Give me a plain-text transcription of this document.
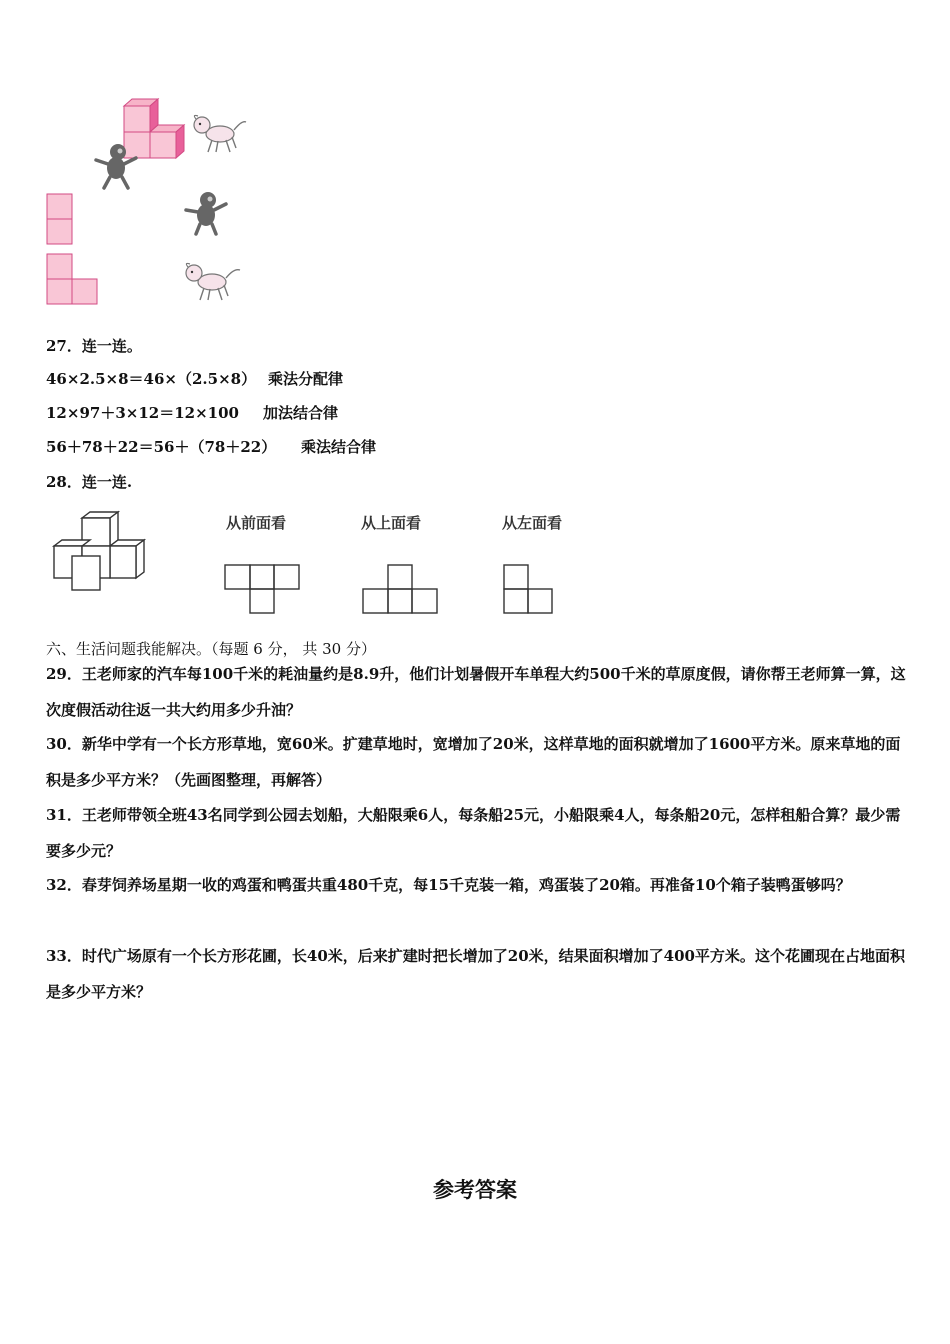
27．连一连。
46×2.5×8＝46×（2.5×8） 乘法分配律
12×97＋3×12＝12×100 加法结合律
56＋78＋22＝56＋（78＋22） 乘法结合律
28．连一连.
从前面看	从上面看	从左面看
六、生活问题我能解决。（每题 6 分， 共 30 分）
29．王老师家的汽车每100千米的耗油量约是8.9升，他们计划暑假开车单程大约500千米的草原度假，请你帮王老师算一算，这次度假活动往返一共大约用多少升油？
30．新华中学有一个长方形草地，宽60米。扩建草地时，宽增加了20米，这样草地的面积就增加了1600平方米。原来草地的面积是多少平方米？（先画图整理，再解答）
31．王老师带领全班43名同学到公园去划船，大船限乘6人，每条船25元，小船限乘4人，每条船20元，怎样租船合算？最少需要多少元？
32．春芽饲养场星期一收的鸡蛋和鸭蛋共重480千克，每15千克装一箱，鸡蛋装了20箱。再准备10个箱子装鸭蛋够吗？
33．时代广场原有一个长方形花圃，长40米，后来扩建时把长增加了20米，结果面积增加了400平方米。这个花圃现在占地面积是多少平方米？
参考答案
